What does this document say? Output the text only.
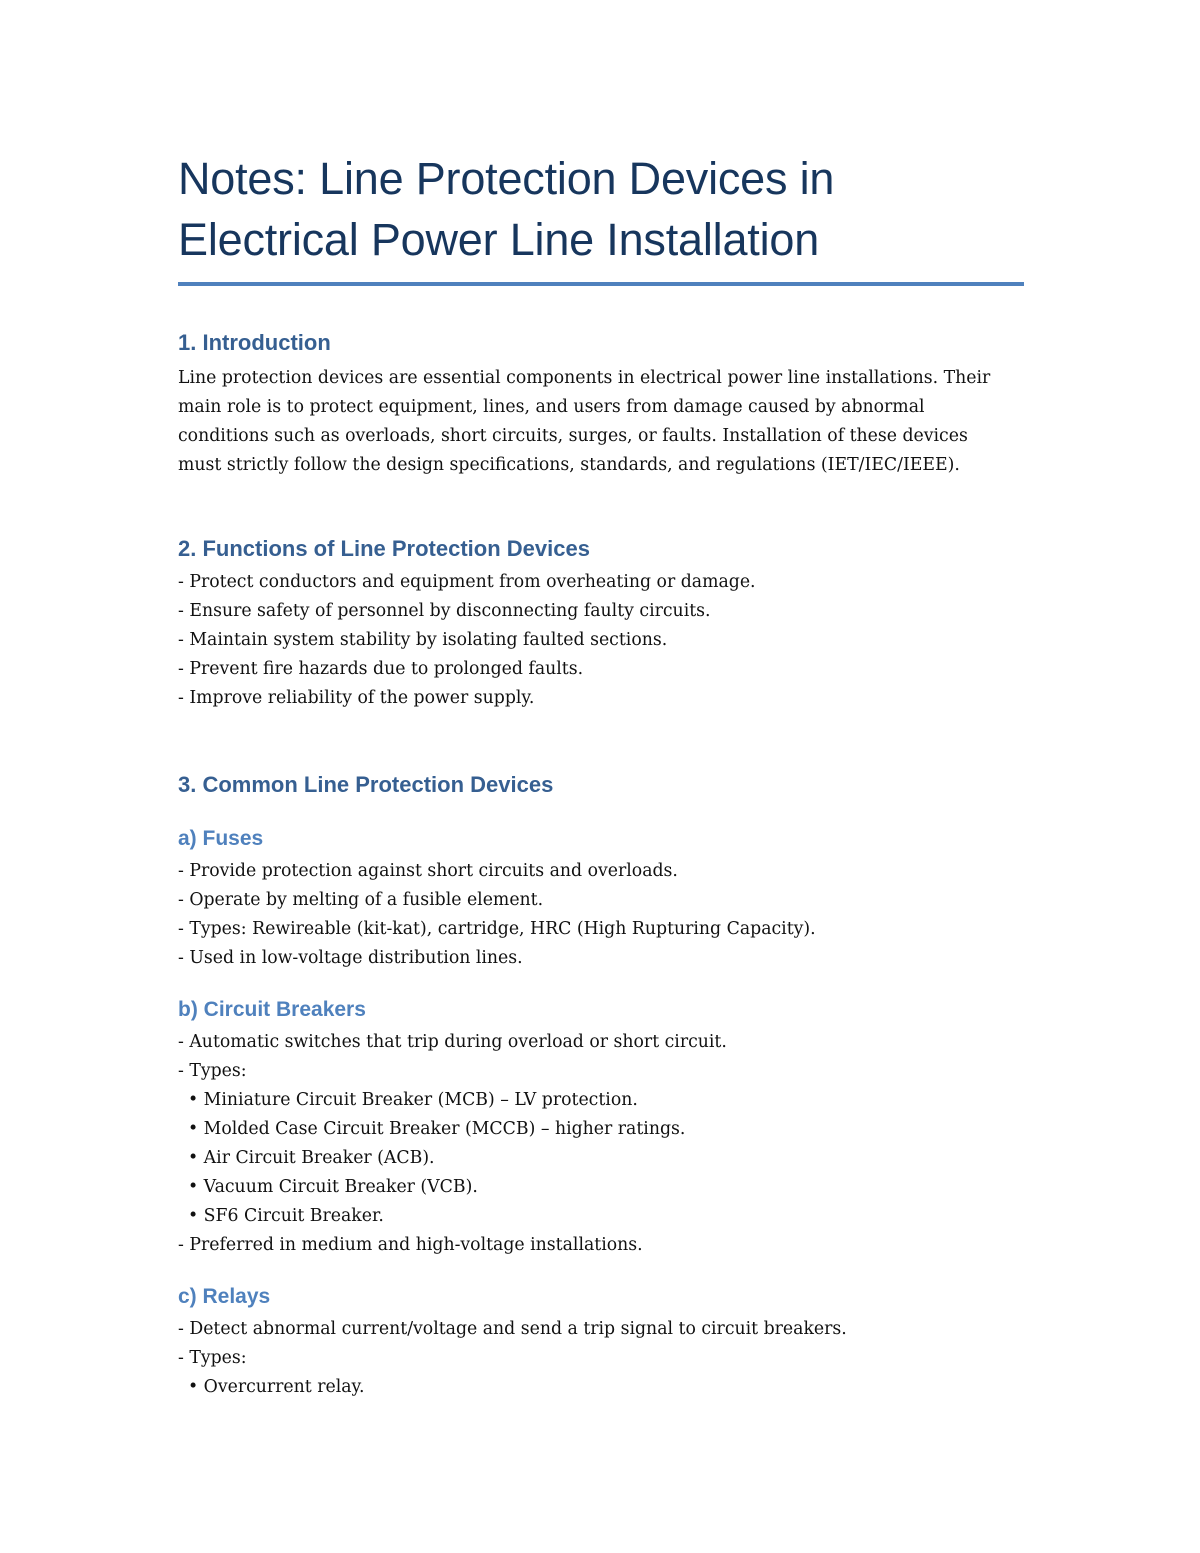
Notes: Line Protection Devices in
Electrical Power Line Installation
1. Introduction
Line protection devices are essential components in electrical power line installations. Their
main role is to protect equipment, lines, and users from damage caused by abnormal
conditions such as overloads, short circuits, surges, or faults. Installation of these devices
must strictly follow the design specifications, standards, and regulations (IET/IEC/IEEE).
2. Functions of Line Protection Devices
- Protect conductors and equipment from overheating or damage.
- Ensure safety of personnel by disconnecting faulty circuits.
- Maintain system stability by isolating faulted sections.
- Prevent fire hazards due to prolonged faults.
- Improve reliability of the power supply.
3. Common Line Protection Devices
a) Fuses
- Provide protection against short circuits and overloads.
- Operate by melting of a fusible element.
- Types: Rewireable (kit-kat), cartridge, HRC (High Rupturing Capacity).
- Used in low-voltage distribution lines.
b) Circuit Breakers
- Automatic switches that trip during overload or short circuit.
- Types:
• Miniature Circuit Breaker (MCB) – LV protection.
• Molded Case Circuit Breaker (MCCB) – higher ratings.
• Air Circuit Breaker (ACB).
• Vacuum Circuit Breaker (VCB).
• SF6 Circuit Breaker.
- Preferred in medium and high-voltage installations.
c) Relays
- Detect abnormal current/voltage and send a trip signal to circuit breakers.
- Types:
• Overcurrent relay.
